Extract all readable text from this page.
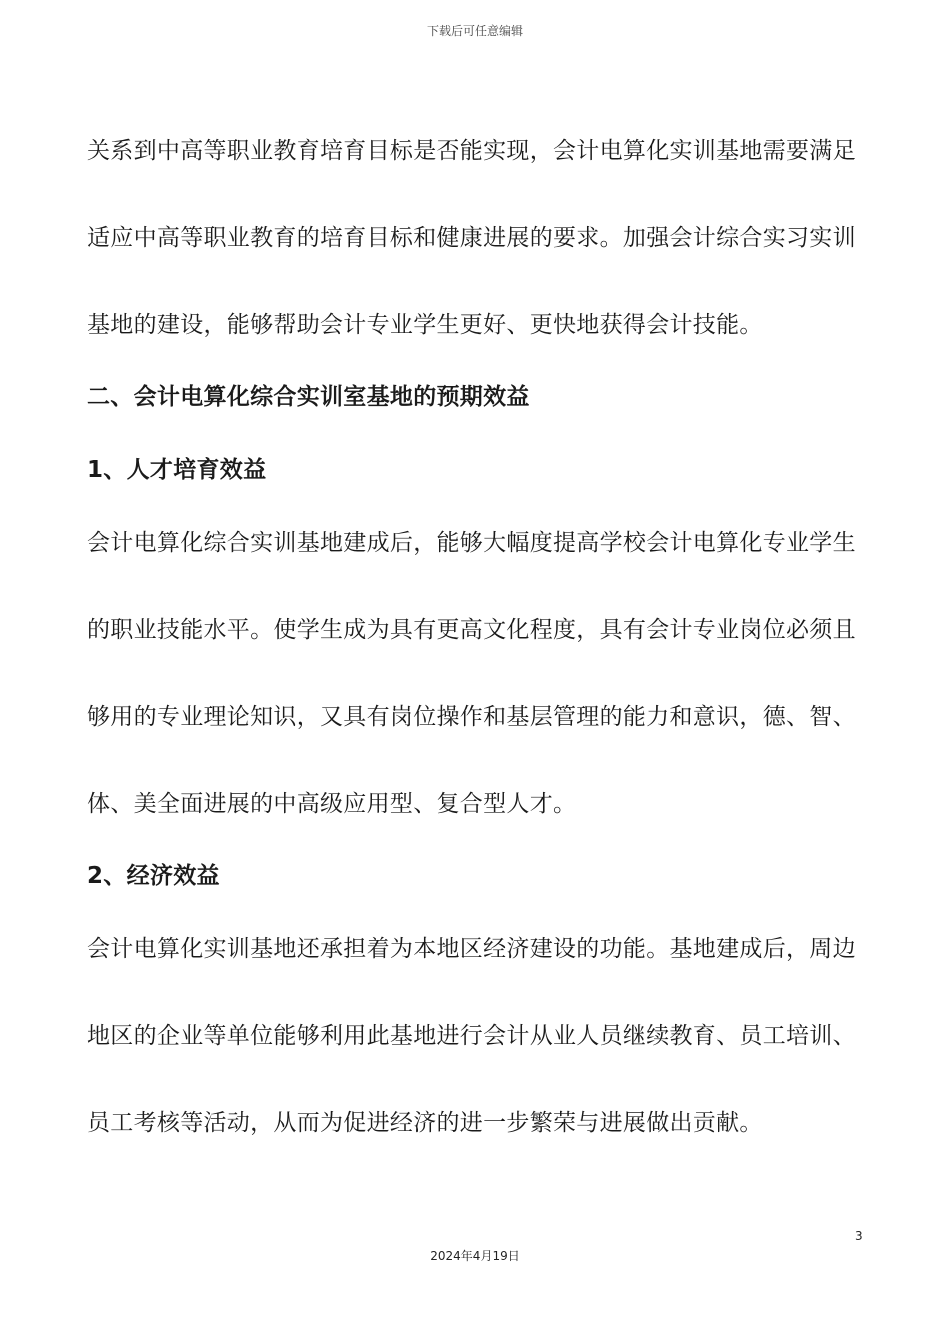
下载后可任意编辑
关系到中高等职业教育培育目标是否能实现，会计电算化实训基地需要满足
适应中高等职业教育的培育目标和健康进展的要求。加强会计综合实习实训
基地的建设，能够帮助会计专业学生更好、更快地获得会计技能。
二、会计电算化综合实训室基地的预期效益
1、人才培育效益
会计电算化综合实训基地建成后，能够大幅度提高学校会计电算化专业学生
的职业技能水平。使学生成为具有更高文化程度，具有会计专业岗位必须且
够用的专业理论知识，又具有岗位操作和基层管理的能力和意识，德、智、
体、美全面进展的中高级应用型、复合型人才。
2、经济效益
会计电算化实训基地还承担着为本地区经济建设的功能。基地建成后，周边
地区的企业等单位能够利用此基地进行会计从业人员继续教育、员工培训、
员工考核等活动，从而为促进经济的进一步繁荣与进展做出贡献。
3
2024年4月19日
